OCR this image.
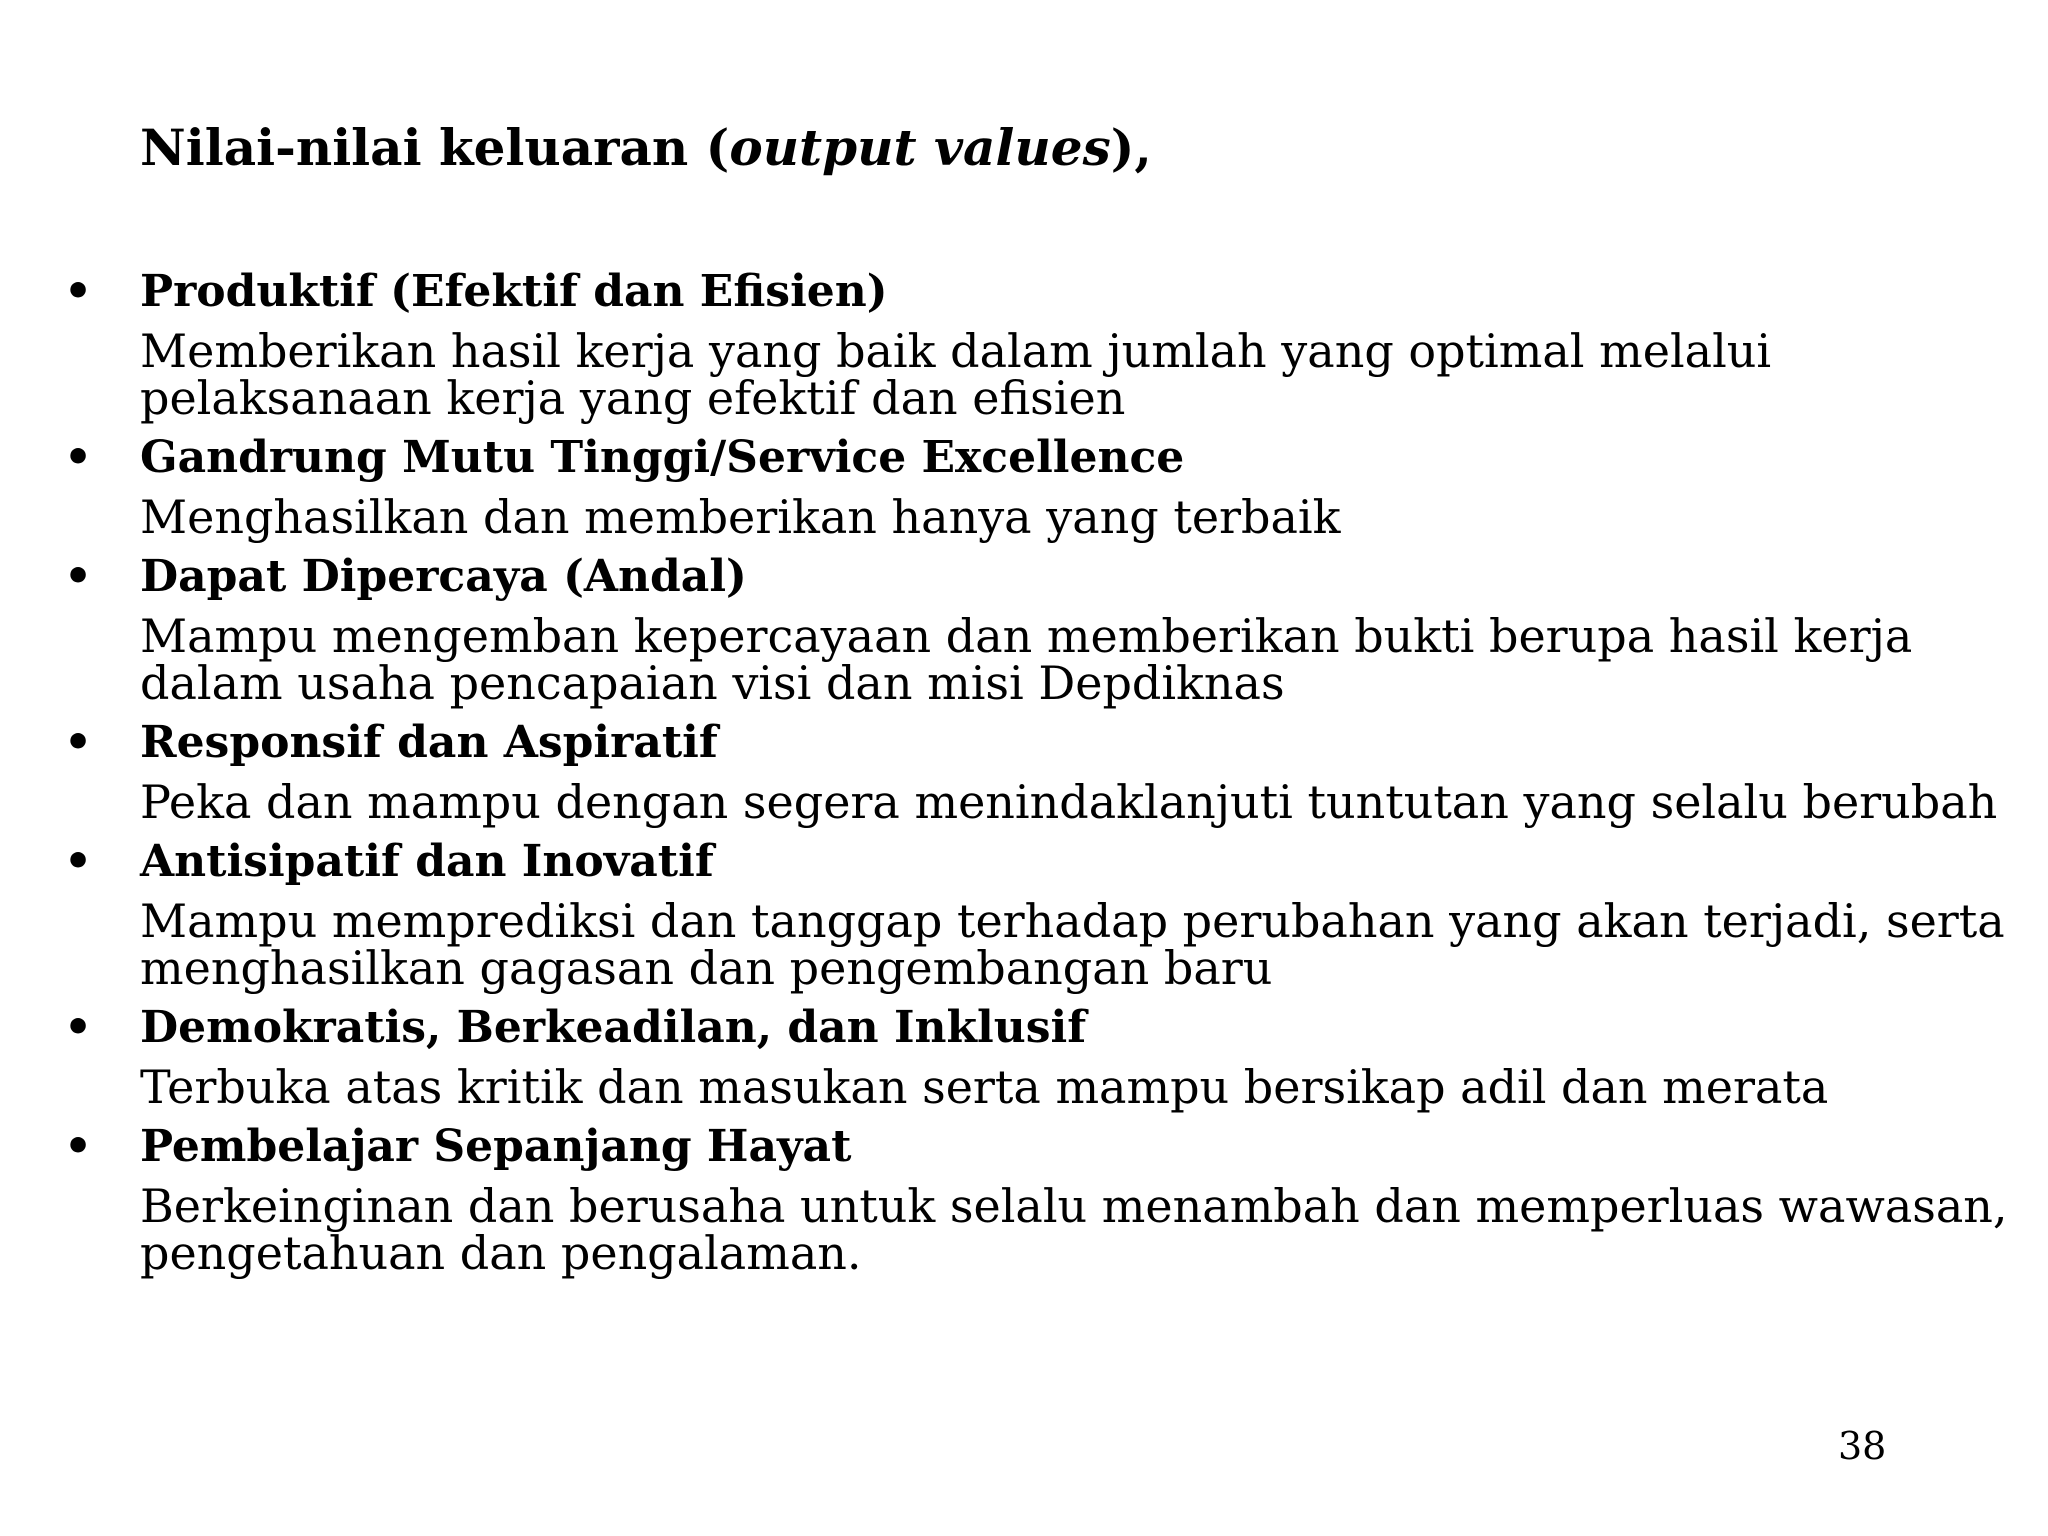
Nilai-nilai keluaran (output values),
• Produktif (Efektif dan Efisien)
Memberikan hasil kerja yang baik dalam jumlah yang optimal melalui pelaksanaan kerja yang efektif dan efisien
• Gandrung Mutu Tinggi/Service Excellence
Menghasilkan dan memberikan hanya yang terbaik
• Dapat Dipercaya (Andal)
Mampu mengemban kepercayaan dan memberikan bukti berupa hasil kerja dalam usaha pencapaian visi dan misi Depdiknas
• Responsif dan Aspiratif
Peka dan mampu dengan segera menindaklanjuti tuntutan yang selalu berubah
• Antisipatif dan Inovatif
Mampu memprediksi dan tanggap terhadap perubahan yang akan terjadi, serta menghasilkan gagasan dan pengembangan baru
• Demokratis, Berkeadilan, dan Inklusif
Terbuka atas kritik dan masukan serta mampu bersikap adil dan merata
• Pembelajar Sepanjang Hayat
Berkeinginan dan berusaha untuk selalu menambah dan memperluas wawasan, pengetahuan dan pengalaman.
38
